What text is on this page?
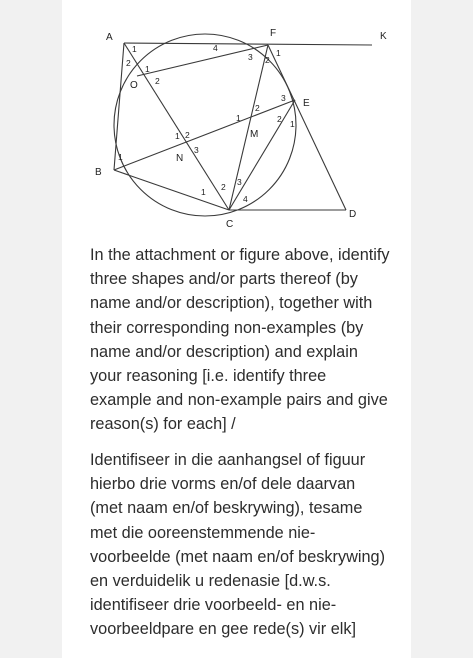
A	F	K
O
E
M
N
B
C
D
1
2
3 2
1
4
1
2
1 2
3
1
1
2
3
2 1
1 2 3
4

In the attachment or figure above, identify
three shapes and/or parts thereof (by
name and/or description), together with
their corresponding non-examples (by
name and/or description) and explain
your reasoning [i.e. identify three
example and non-example pairs and give
reason(s) for each] /

Identifiseer in die aanhangsel of figuur
hierbo drie vorms en/of dele daarvan
(met naam en/of beskrywing), tesame
met die ooreenstemmende nie-
voorbeelde (met naam en/of beskrywing)
en verduidelik u redenasie [d.w.s.
identifiseer drie voorbeeld- en nie-
voorbeeldpare en gee rede(s) vir elk]
